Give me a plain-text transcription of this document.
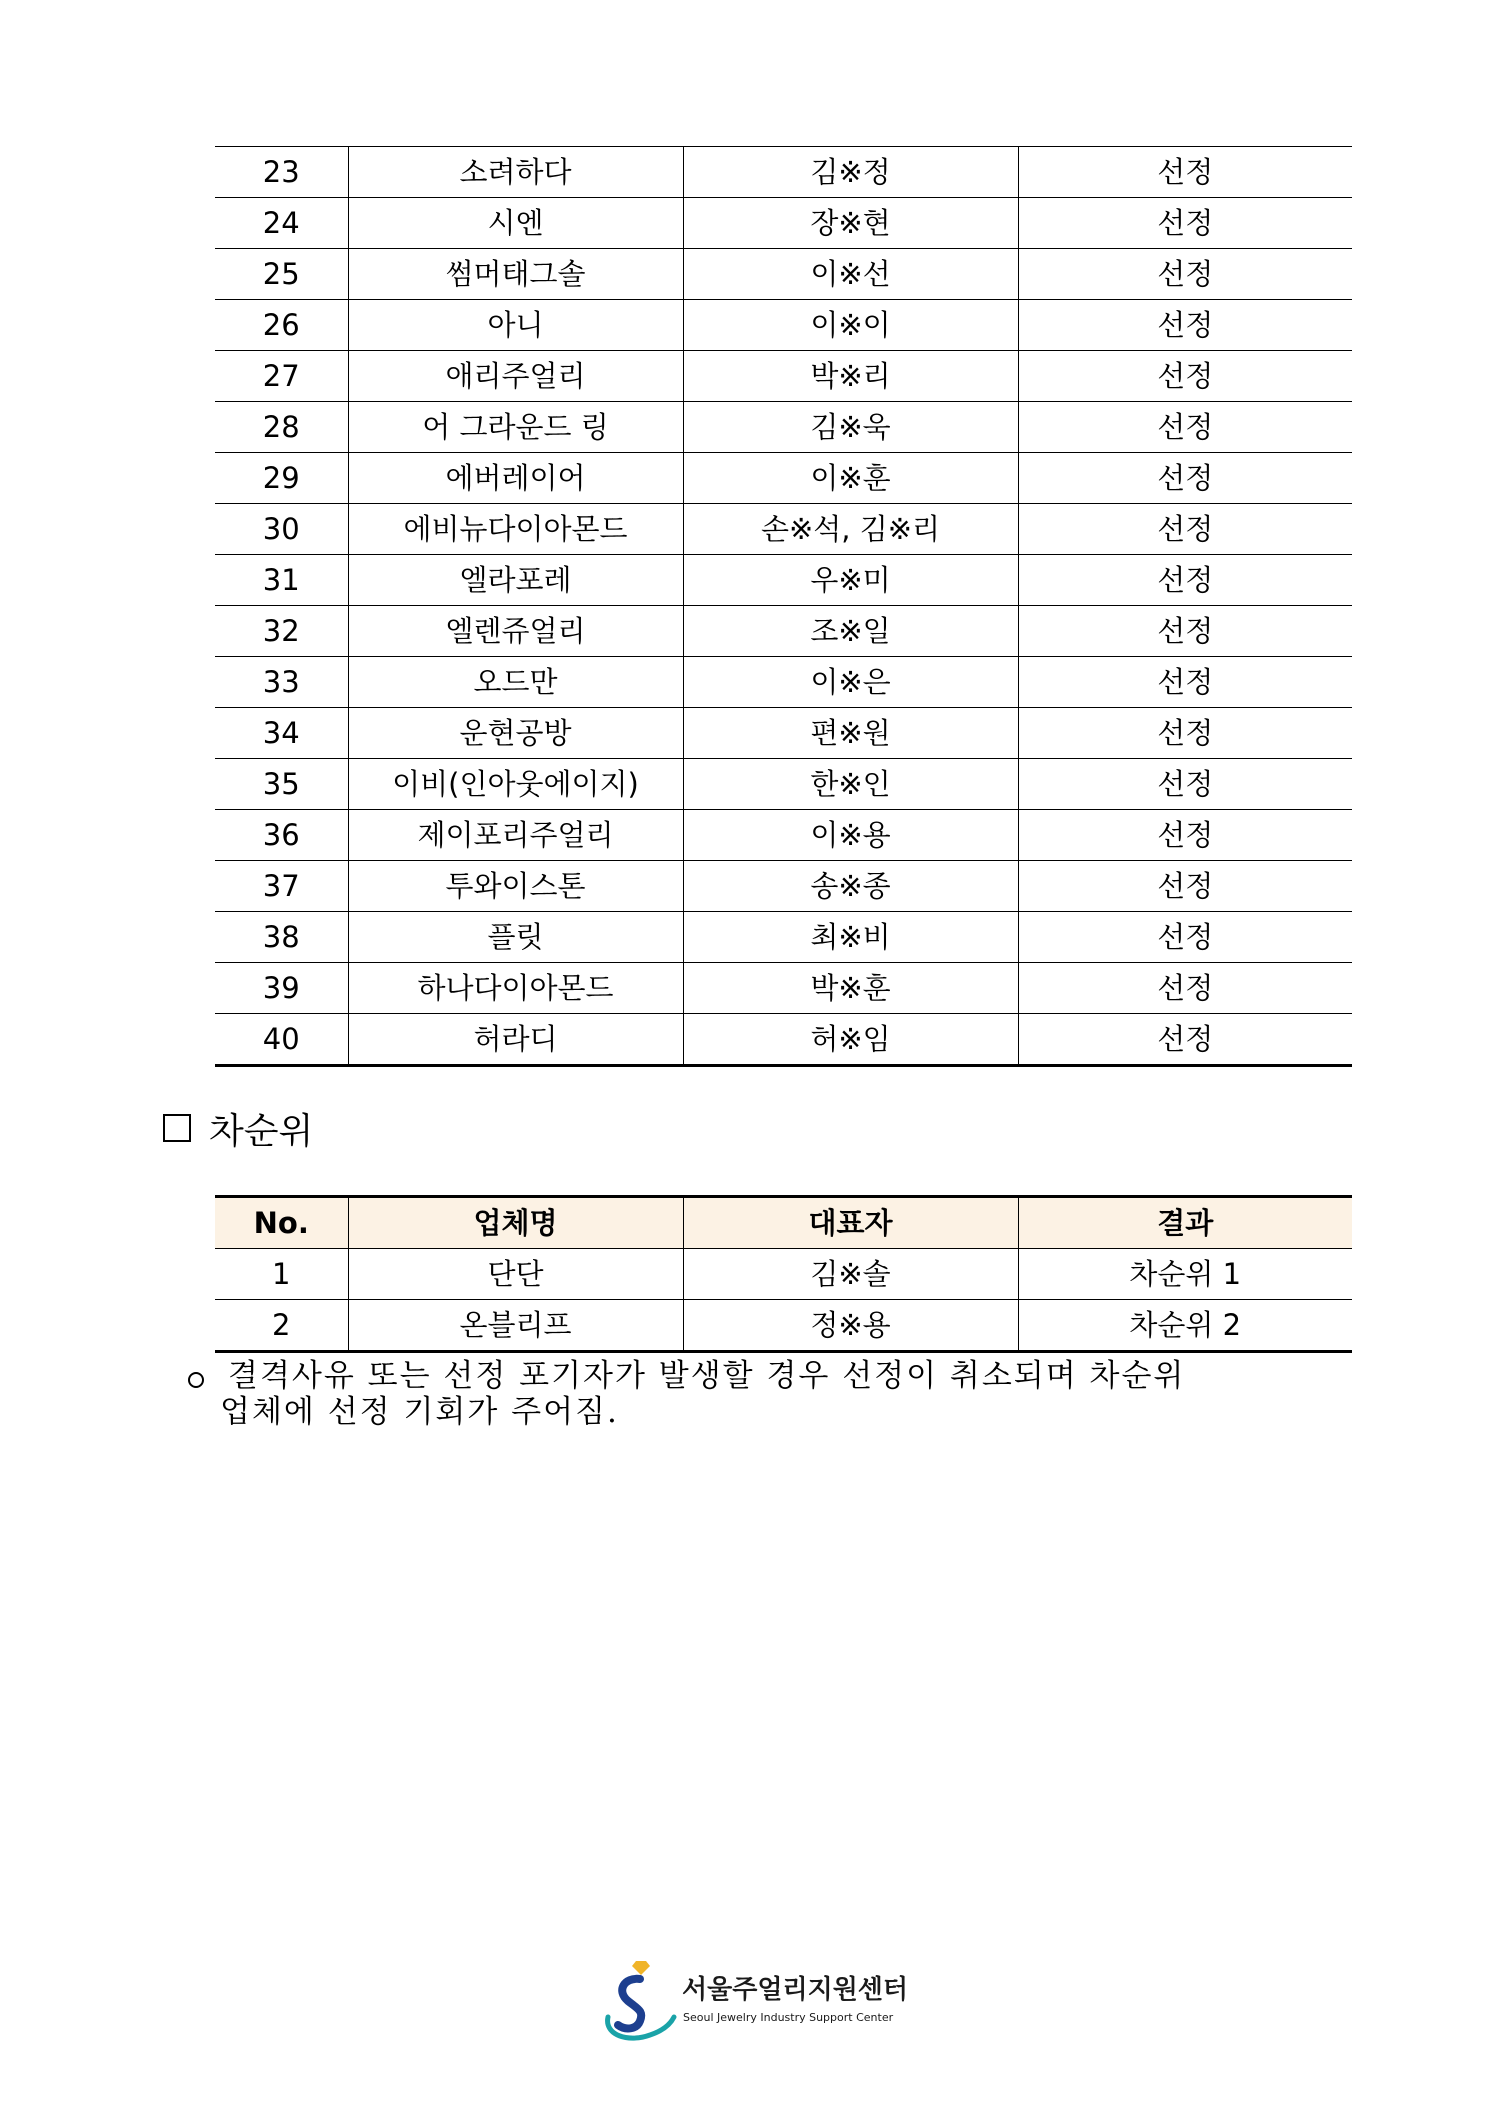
23	소려하다	김※정	선정
24	시엔	장※현	선정
25	썸머태그솔	이※선	선정
26	아니	이※이	선정
27	애리주얼리	박※리	선정
28	어 그라운드 링	김※욱	선정
29	에버레이어	이※훈	선정
30	에비뉴다이아몬드	손※석, 김※리	선정
31	엘라포레	우※미	선정
32	엘렌쥬얼리	조※일	선정
33	오드만	이※은	선정
34	운현공방	편※원	선정
35	이비(인아웃에이지)	한※인	선정
36	제이포리주얼리	이※용	선정
37	투와이스톤	송※종	선정
38	플릿	최※비	선정
39	하나다이아몬드	박※훈	선정
40	허라디	허※임	선정
차순위
No.	업체명	대표자	결과
1	단단	김※솔	차순위 1
2	온블리프	정※용	차순위 2
결격사유 또는 선정 포기자가 발생할 경우 선정이 취소되며 차순위
업체에 선정 기회가 주어짐.
서울주얼리지원센터
Seoul Jewelry Industry Support Center
